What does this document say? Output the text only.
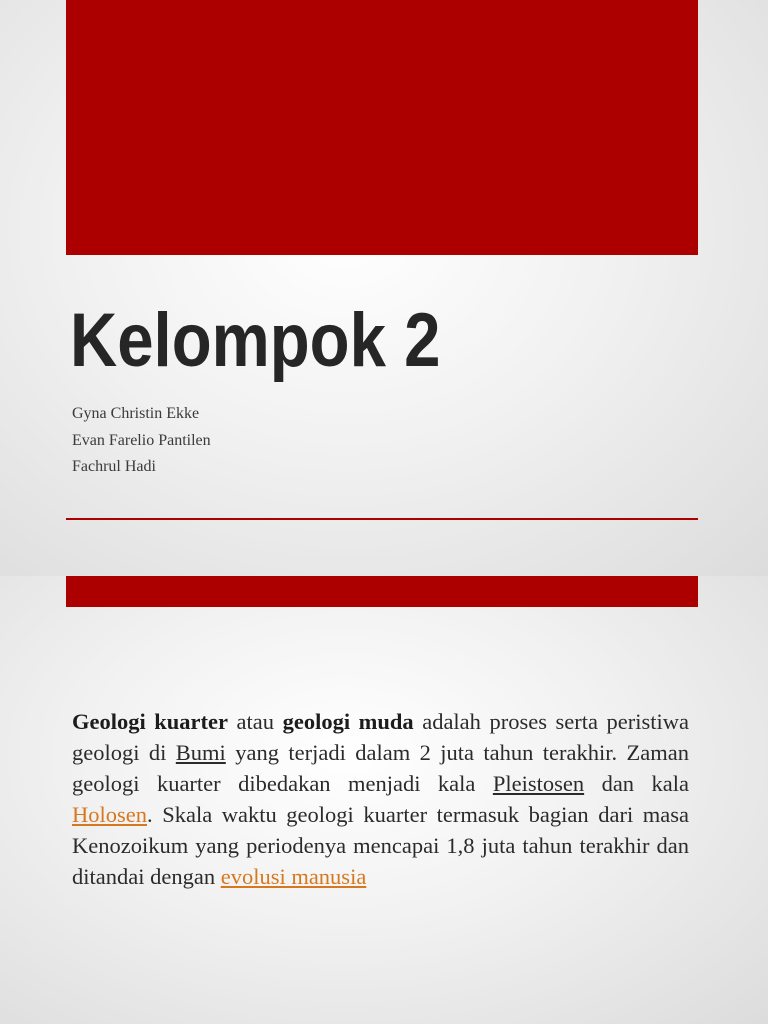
Kelompok 2
Gyna Christin Ekke
Evan Farelio Pantilen
Fachrul Hadi

Geologi kuarter atau geologi muda adalah proses serta peristiwa geologi di Bumi yang terjadi dalam 2 juta tahun terakhir. Zaman geologi kuarter dibedakan menjadi kala Pleistosen dan kala Holosen. Skala waktu geologi kuarter termasuk bagian dari masa Kenozoikum yang periodenya mencapai 1,8 juta tahun terakhir dan ditandai dengan evolusi manusia
